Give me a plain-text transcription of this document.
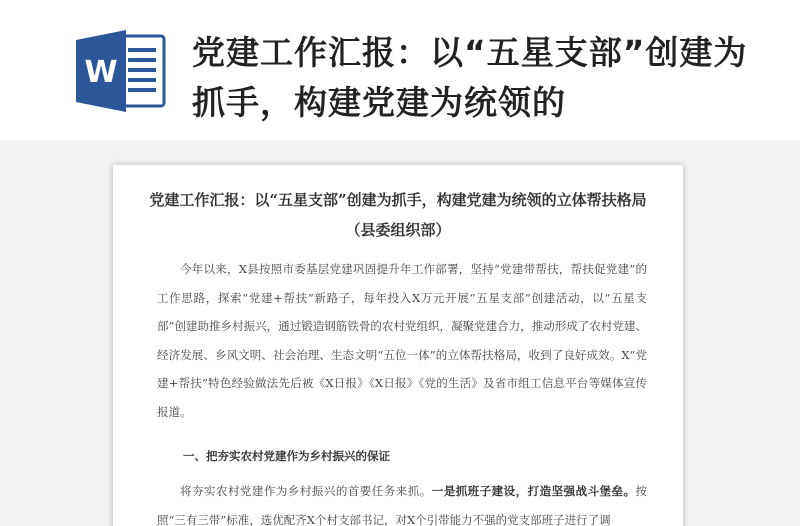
W
党建工作汇报：以“五星支部”创建为抓手，构建党建为统领的
党建工作汇报：以“五星支部”创建为抓手，构建党建为统领的立体帮扶格局（县委组织部）

今年以来，X县按照市委基层党建巩固提升年工作部署，坚持“党建带帮扶，帮扶促党建”的工作思路，探索“党建+帮扶”新路子，每年投入X万元开展“五星支部”创建活动，以“五星支部”创建助推乡村振兴，通过锻造钢筋铁骨的农村党组织，凝聚党建合力，推动形成了农村党建、经济发展、乡风文明、社会治理、生态文明“五位一体”的立体帮扶格局，收到了良好成效。X“党建+帮扶”特色经验做法先后被《X日报》《X日报》《党的生活》及省市组工信息平台等媒体宣传报道。

一、把夯实农村党建作为乡村振兴的保证

将夯实农村党建作为乡村振兴的首要任务来抓。一是抓班子建设，打造坚强战斗堡垒。按照“三有三带”标准，选优配齐X个村支部书记，对X个引带能力不强的党支部班子进行了调
